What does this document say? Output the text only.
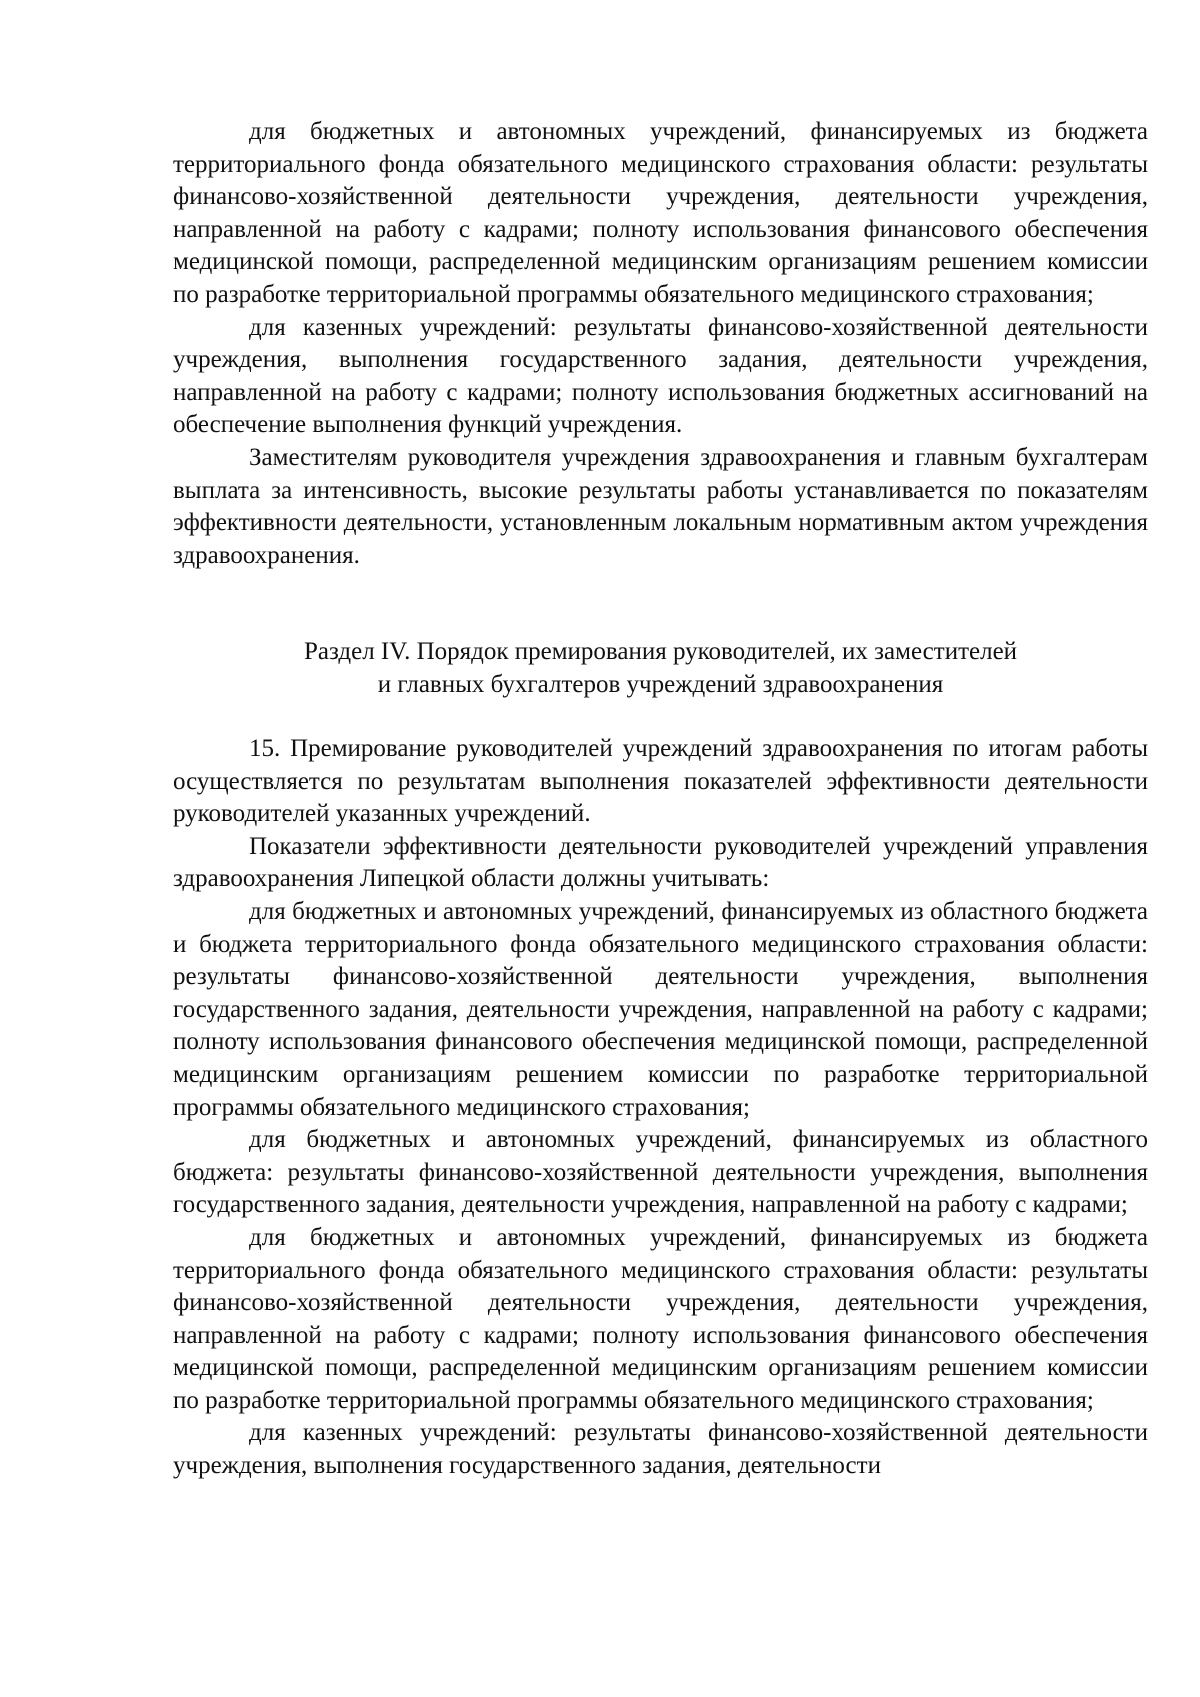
для бюджетных и автономных учреждений, финансируемых из бюджета территориального фонда обязательного медицинского страхования области: результаты финансово-хозяйственной деятельности учреждения, деятельности учреждения, направленной на работу с кадрами; полноту использования финансового обеспечения медицинской помощи, распределенной медицинским организациям решением комиссии по разработке территориальной программы обязательного медицинского страхования;

для казенных учреждений: результаты финансово-хозяйственной деятельности учреждения, выполнения государственного задания, деятельности учреждения, направленной на работу с кадрами; полноту использования бюджетных ассигнований на обеспечение выполнения функций учреждения.

Заместителям руководителя учреждения здравоохранения и главным бухгалтерам выплата за интенсивность, высокие результаты работы устанавливается по показателям эффективности деятельности, установленным локальным нормативным актом учреждения здравоохранения.

Раздел IV. Порядок премирования руководителей, их заместителей
и главных бухгалтеров учреждений здравоохранения

15. Премирование руководителей учреждений здравоохранения по итогам работы осуществляется по результатам выполнения показателей эффективности деятельности руководителей указанных учреждений.

Показатели эффективности деятельности руководителей учреждений управления здравоохранения Липецкой области должны учитывать:

для бюджетных и автономных учреждений, финансируемых из областного бюджета и бюджета территориального фонда обязательного медицинского страхования области: результаты финансово-хозяйственной деятельности учреждения, выполнения государственного задания, деятельности учреждения, направленной на работу с кадрами; полноту использования финансового обеспечения медицинской помощи, распределенной медицинским организациям решением комиссии по разработке территориальной программы обязательного медицинского страхования;

для бюджетных и автономных учреждений, финансируемых из областного бюджета: результаты финансово-хозяйственной деятельности учреждения, выполнения государственного задания, деятельности учреждения, направленной на работу с кадрами;

для бюджетных и автономных учреждений, финансируемых из бюджета территориального фонда обязательного медицинского страхования области: результаты финансово-хозяйственной деятельности учреждения, деятельности учреждения, направленной на работу с кадрами; полноту использования финансового обеспечения медицинской помощи, распределенной медицинским организациям решением комиссии по разработке территориальной программы обязательного медицинского страхования;

для казенных учреждений: результаты финансово-хозяйственной деятельности учреждения, выполнения государственного задания, деятельности
